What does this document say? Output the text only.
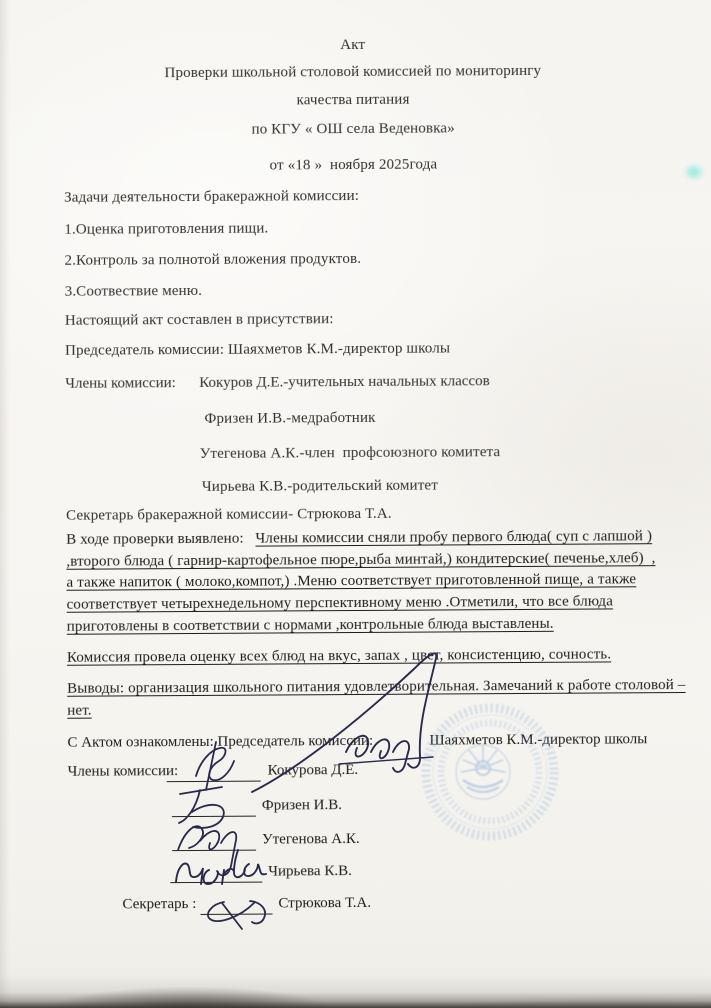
Акт
Проверки школьной столовой комиссией по мониторингу
качества питания
по КГУ « ОШ села Веденовка»
от «18 »  ноября 2025года
Задачи деятельности бракеражной комиссии:
1.Оценка приготовления пищи.
2.Контроль за полнотой вложения продуктов.
3.Соотвествие меню.
Настоящий акт составлен в присутствии:
Председатель комиссии: Шаяхметов К.М.-директор школы
Члены комиссии: Кокуров Д.Е.-учительных начальных классов
Фризен И.В.-медработник
Утегенова А.К.-член  профсоюзного комитета
Чирьева К.В.-родительский комитет
Секретарь бракеражной комиссии- Стрюкова Т.А.
В ходе проверки выявлено:   Члены комиссии сняли пробу первого блюда( суп с лапшой )
,второго блюда ( гарнир-картофельное пюре,рыба минтай,) кондитерские( печенье,хлеб)  ,
а также напиток ( молоко,компот,) .Меню соответствует приготовленной пище, а также
соответствует четырехнедельному перспективному меню .Отметили, что все блюда
приготовлены в соответствии с нормами ,контрольные блюда выставлены.
Комиссия провела оценку всех блюд на вкус, запах , цвет, консистенцию, сочность.
Выводы: организация школьного питания удовлетворительная. Замечаний к работе столовой –
нет.
С Актом ознакомлены: Председатель комиссии:	Шаяхметов К.М.-директор школы
Члены комиссии:	Кокурова Д.Е.
Фризен И.В.
Утегенова А.К.
Чирьева К.В.
Секретарь :	Стрюкова Т.А.
